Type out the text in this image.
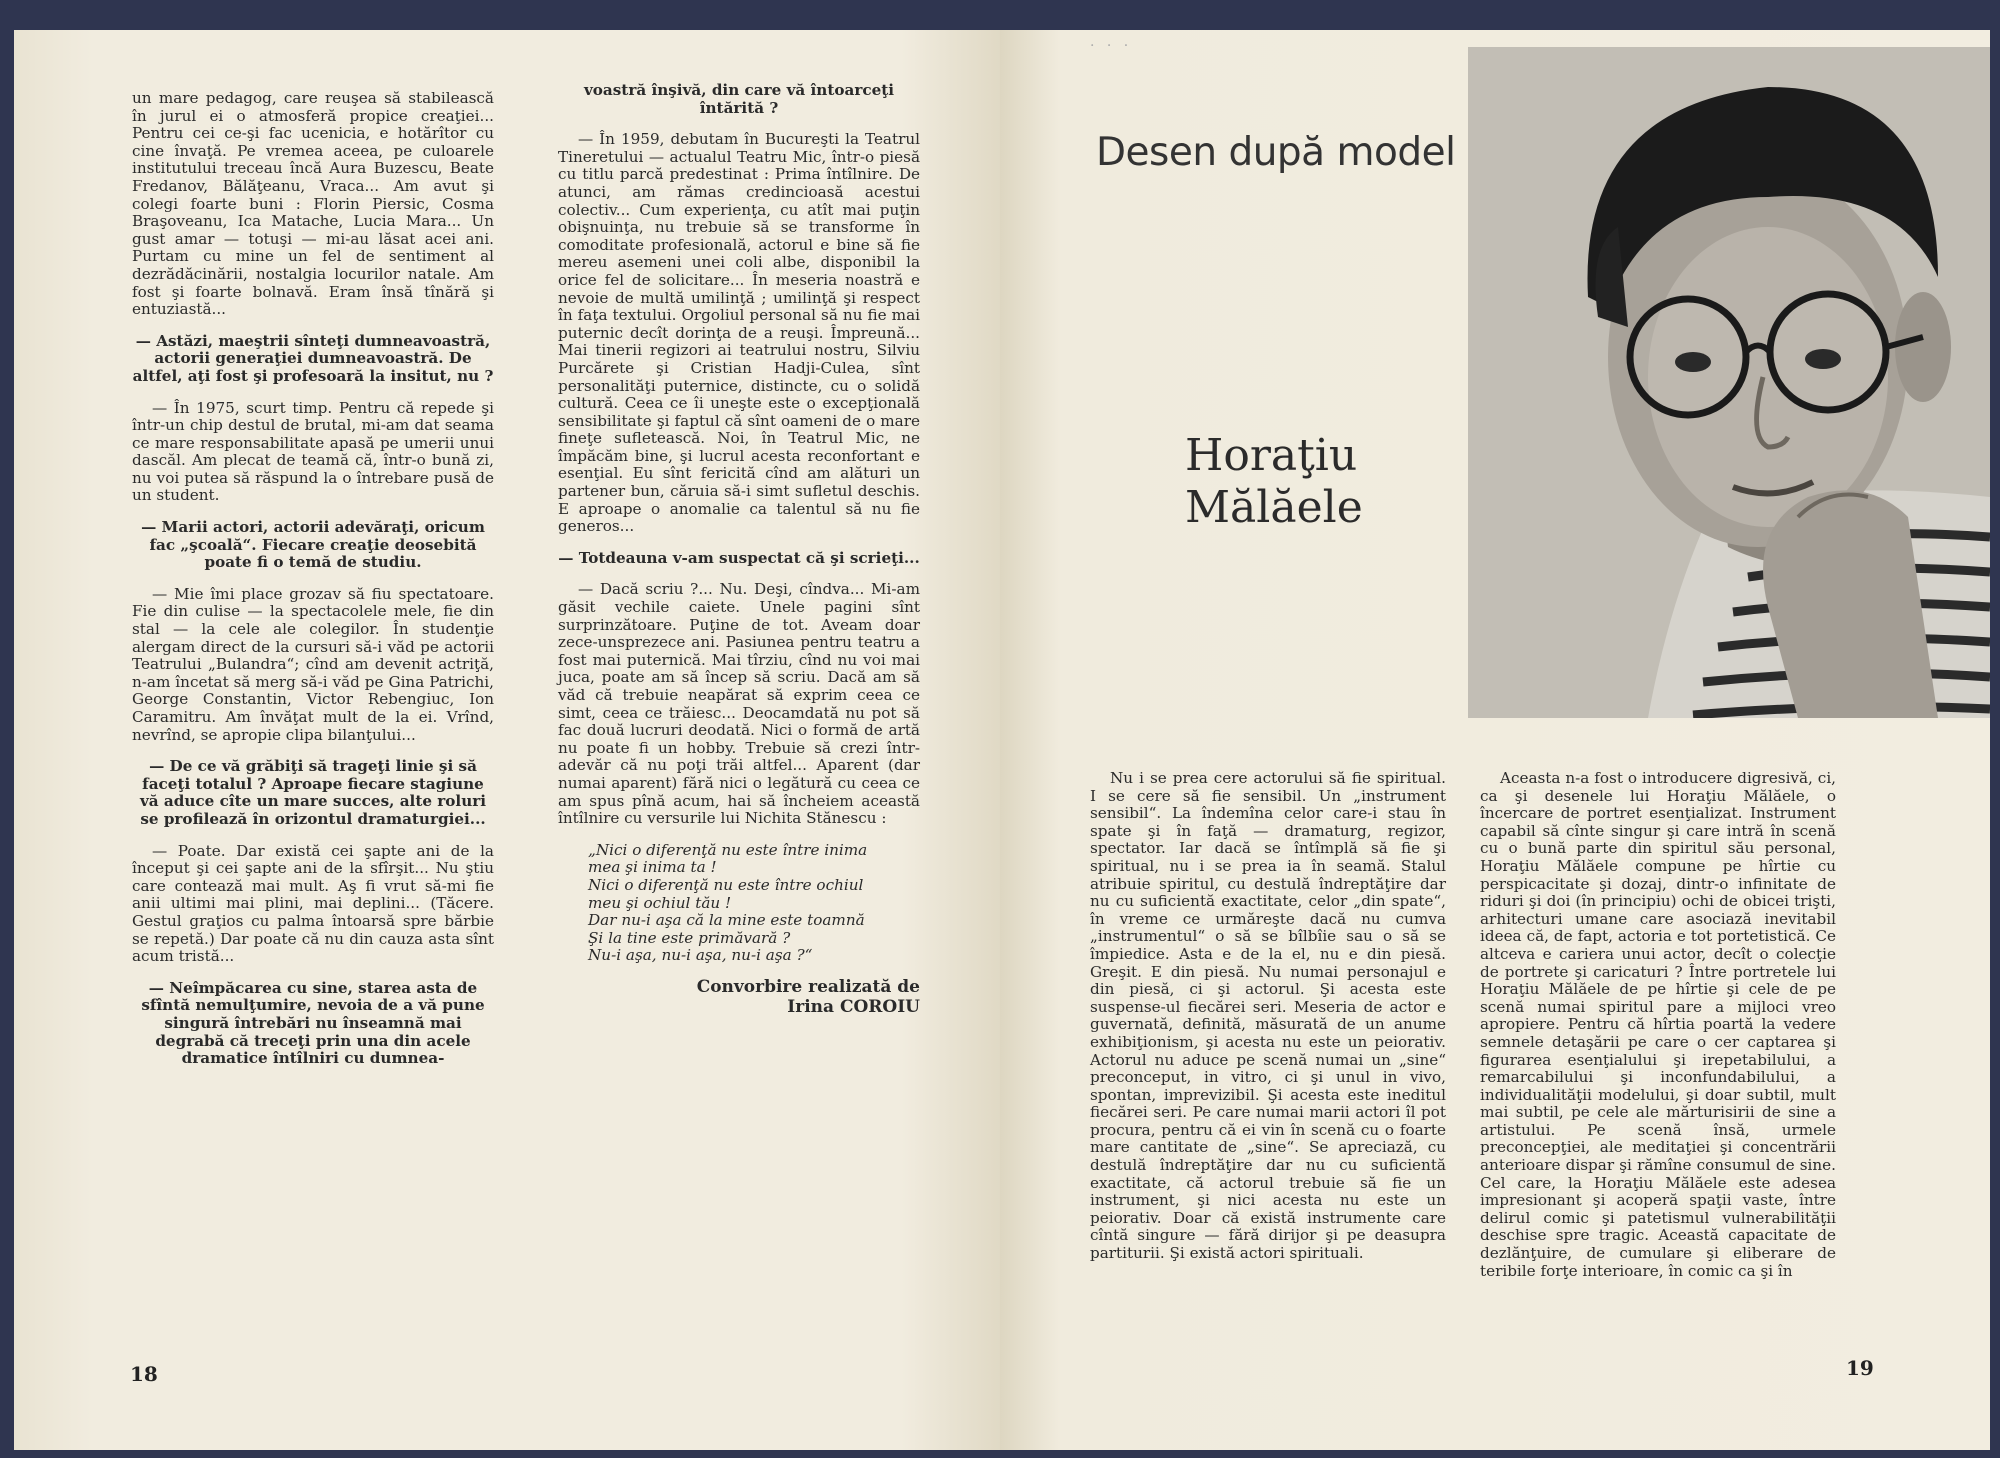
un mare pedagog, care reuşea să stabilească în jurul ei o atmosferă propice creaţiei... Pentru cei ce-şi fac ucenicia, e hotărîtor cu cine învaţă. Pe vremea aceea, pe culoarele institutului treceau încă Aura Buzescu, Beate Fredanov, Bălăţeanu, Vraca... Am avut şi colegi foarte buni : Florin Piersic, Cosma Braşoveanu, Ica Matache, Lucia Mara... Un gust amar — totuşi — mi-au lăsat acei ani. Purtam cu mine un fel de sentiment al dezrădăcinării, nostalgia locurilor natale. Am fost şi foarte bolnavă. Eram însă tînără şi entuziastă...

— Astăzi, maeştrii sînteţi dumneavoastră, actorii generaţiei dumneavoastră. De altfel, aţi fost şi profesoară la insitut, nu ?

— În 1975, scurt timp. Pentru că repede şi într-un chip destul de brutal, mi-am dat seama ce mare responsabilitate apasă pe umerii unui dascăl. Am plecat de teamă că, într-o bună zi, nu voi putea să răspund la o întrebare pusă de un student.

— Marii actori, actorii adevăraţi, oricum fac „şcoală“. Fiecare creaţie deosebită poate fi o temă de studiu.

— Mie îmi place grozav să fiu spectatoare. Fie din culise — la spectacolele mele, fie din stal — la cele ale colegilor. În studenţie alergam direct de la cursuri să-i văd pe actorii Teatrului „Bulandra“; cînd am devenit actriţă, n-am încetat să merg să-i văd pe Gina Patrichi, George Constantin, Victor Rebengiuc, Ion Caramitru. Am învăţat mult de la ei. Vrînd, nevrînd, se apropie clipa bilanţului...

— De ce vă grăbiţi să trageţi linie şi să faceţi totalul ? Aproape fiecare stagiune vă aduce cîte un mare succes, alte roluri se profilează în orizontul dramaturgiei...

— Poate. Dar există cei şapte ani de la început şi cei şapte ani de la sfîrşit... Nu ştiu care contează mai mult. Aş fi vrut să-mi fie anii ultimi mai plini, mai deplini... (Tăcere. Gestul graţios cu palma întoarsă spre bărbie se repetă.) Dar poate că nu din cauza asta sînt acum tristă...

— Neîmpăcarea cu sine, starea asta de sfîntă nemulţumire, nevoia de a vă pune singură întrebări nu înseamnă mai degrabă că treceţi prin una din acele dramatice întîlniri cu dumnea-

voastră înşivă, din care vă întoarceţi întărită ?

— În 1959, debutam în Bucureşti la Teatrul Tineretului — actualul Teatru Mic, într-o piesă cu titlu parcă predestinat : Prima întîlnire. De atunci, am rămas credincioasă acestui colectiv... Cum experienţa, cu atît mai puţin obişnuinţa, nu trebuie să se transforme în comoditate profesională, actorul e bine să fie mereu asemeni unei coli albe, disponibil la orice fel de solicitare... În meseria noastră e nevoie de multă umilinţă ; umilinţă şi respect în faţa textului. Orgoliul personal să nu fie mai puternic decît dorinţa de a reuşi. Împreună... Mai tinerii regizori ai teatrului nostru, Silviu Purcărete şi Cristian Hadji-Culea, sînt personalităţi puternice, distincte, cu o solidă cultură. Ceea ce îi uneşte este o excepţională sensibilitate şi faptul că sînt oameni de o mare fineţe sufletească. Noi, în Teatrul Mic, ne împăcăm bine, şi lucrul acesta reconfortant e esenţial. Eu sînt fericită cînd am alături un partener bun, căruia să-i simt sufletul deschis. E aproape o anomalie ca talentul să nu fie generos...

— Totdeauna v-am suspectat că şi scrieţi...

— Dacă scriu ?... Nu. Deşi, cîndva... Mi-am găsit vechile caiete. Unele pagini sînt surprinzătoare. Puţine de tot. Aveam doar zece-unsprezece ani. Pasiunea pentru teatru a fost mai puternică. Mai tîrziu, cînd nu voi mai juca, poate am să încep să scriu. Dacă am să văd că trebuie neapărat să exprim ceea ce simt, ceea ce trăiesc... Deocamdată nu pot să fac două lucruri deodată. Nici o formă de artă nu poate fi un hobby. Trebuie să crezi într-adevăr că nu poţi trăi altfel... Aparent (dar numai aparent) fără nici o legătură cu ceea ce am spus pînă acum, hai să încheiem această întîlnire cu versurile lui Nichita Stănescu :

„Nici o diferenţă nu este între inima
mea şi inima ta !
Nici o diferenţă nu este între ochiul
meu şi ochiul tău !
Dar nu-i aşa că la mine este toamnă
Şi la tine este primăvară ?
Nu-i aşa, nu-i aşa, nu-i aşa ?“
Convorbire realizată de
Irina COROIU
18
· · ·
Desen după model
Horaţiu
Mălăele

Nu i se prea cere actorului să fie spiritual. I se cere să fie sensibil. Un „instrument sensibil“. La îndemîna celor care-i stau în spate şi în faţă — dramaturg, regizor, spectator. Iar dacă se întîmplă să fie şi spiritual, nu i se prea ia în seamă. Stalul atribuie spiritul, cu destulă îndreptăţire dar nu cu suficientă exactitate, celor „din spate“, în vreme ce urmăreşte dacă nu cumva „instrumentul“ o să se bîlbîie sau o să se împiedice. Asta e de la el, nu e din piesă. Greşit. E din piesă. Nu numai personajul e din piesă, ci şi actorul. Şi acesta este suspense-ul fiecărei seri. Meseria de actor e guvernată, definită, măsurată de un anume exhibiţionism, şi acesta nu este un peiorativ. Actorul nu aduce pe scenă numai un „sine“ preconceput, in vitro, ci şi unul in vivo, spontan, imprevizibil. Şi acesta este ineditul fiecărei seri. Pe care numai marii actori îl pot procura, pentru că ei vin în scenă cu o foarte mare cantitate de „sine“. Se apreciază, cu destulă îndreptăţire dar nu cu suficientă exactitate, că actorul trebuie să fie un instrument, şi nici acesta nu este un peiorativ. Doar că există instrumente care cîntă singure — fără dirijor şi pe deasupra partiturii. Şi există actori spirituali.

Aceasta n-a fost o introducere digresivă, ci, ca şi desenele lui Horaţiu Mălăele, o încercare de portret esenţializat. Instrument capabil să cînte singur şi care intră în scenă cu o bună parte din spiritul său personal, Horaţiu Mălăele compune pe hîrtie cu perspicacitate şi dozaj, dintr-o infinitate de riduri şi doi (în principiu) ochi de obicei trişti, arhitecturi umane care asociază inevitabil ideea că, de fapt, actoria e tot portetistică. Ce altceva e cariera unui actor, decît o colecţie de portrete şi caricaturi ? Între portretele lui Horaţiu Mălăele de pe hîrtie şi cele de pe scenă numai spiritul pare a mijloci vreo apropiere. Pentru că hîrtia poartă la vedere semnele detaşării pe care o cer captarea şi figurarea esenţialului şi irepetabilului, a remarcabilului şi inconfundabilului, a individualităţii modelului, şi doar subtil, mult mai subtil, pe cele ale mărturisirii de sine a artistului. Pe scenă însă, urmele preconcepţiei, ale meditaţiei şi concentrării anterioare dispar şi rămîne consumul de sine. Cel care, la Horaţiu Mălăele este adesea impresionant şi acoperă spaţii vaste, între delirul comic şi patetismul vulnerabilităţii deschise spre tragic. Această capacitate de dezlănţuire, de cumulare şi eliberare de teribile forţe interioare, în comic ca şi în

19
